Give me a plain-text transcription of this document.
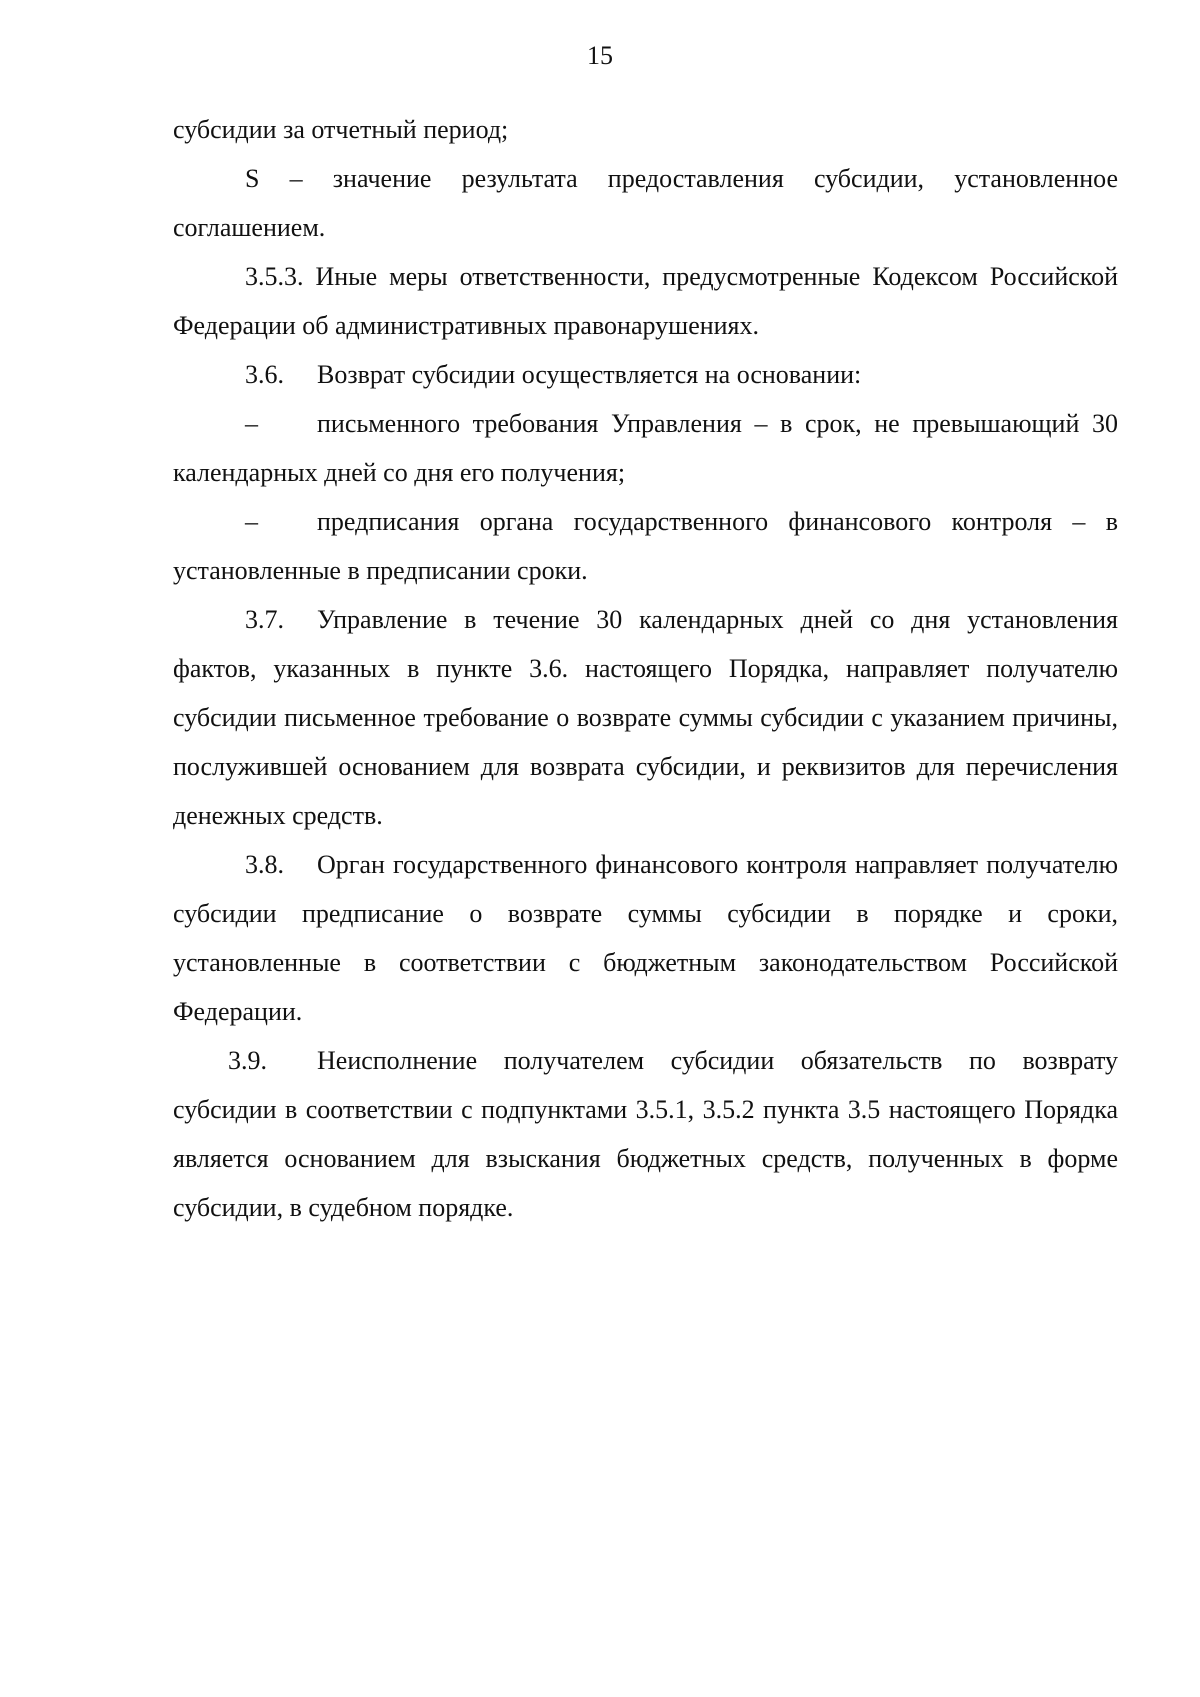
15

субсидии за отчетный период;

S – значение результата предоставления субсидии, установленное соглашением.

3.5.3. Иные меры ответственности, предусмотренные Кодексом Российской Федерации об административных правонарушениях.

3.6. Возврат субсидии осуществляется на основании:

– письменного требования Управления – в срок, не превышающий 30 календарных дней со дня его получения;

– предписания органа государственного финансового контроля – в установленные в предписании сроки.

3.7. Управление в течение 30 календарных дней со дня установления фактов, указанных в пункте 3.6. настоящего Порядка, направляет получателю субсидии письменное требование о возврате суммы субсидии с указанием причины, послужившей основанием для возврата субсидии, и реквизитов для перечисления денежных средств.

3.8. Орган государственного финансового контроля направляет получателю субсидии предписание о возврате суммы субсидии в порядке и сроки, установленные в соответствии с бюджетным законодательством Российской Федерации.

3.9. Неисполнение получателем субсидии обязательств по возврату субсидии в соответствии с подпунктами 3.5.1, 3.5.2 пункта 3.5 настоящего Порядка является основанием для взыскания бюджетных средств, полученных в форме субсидии, в судебном порядке.
